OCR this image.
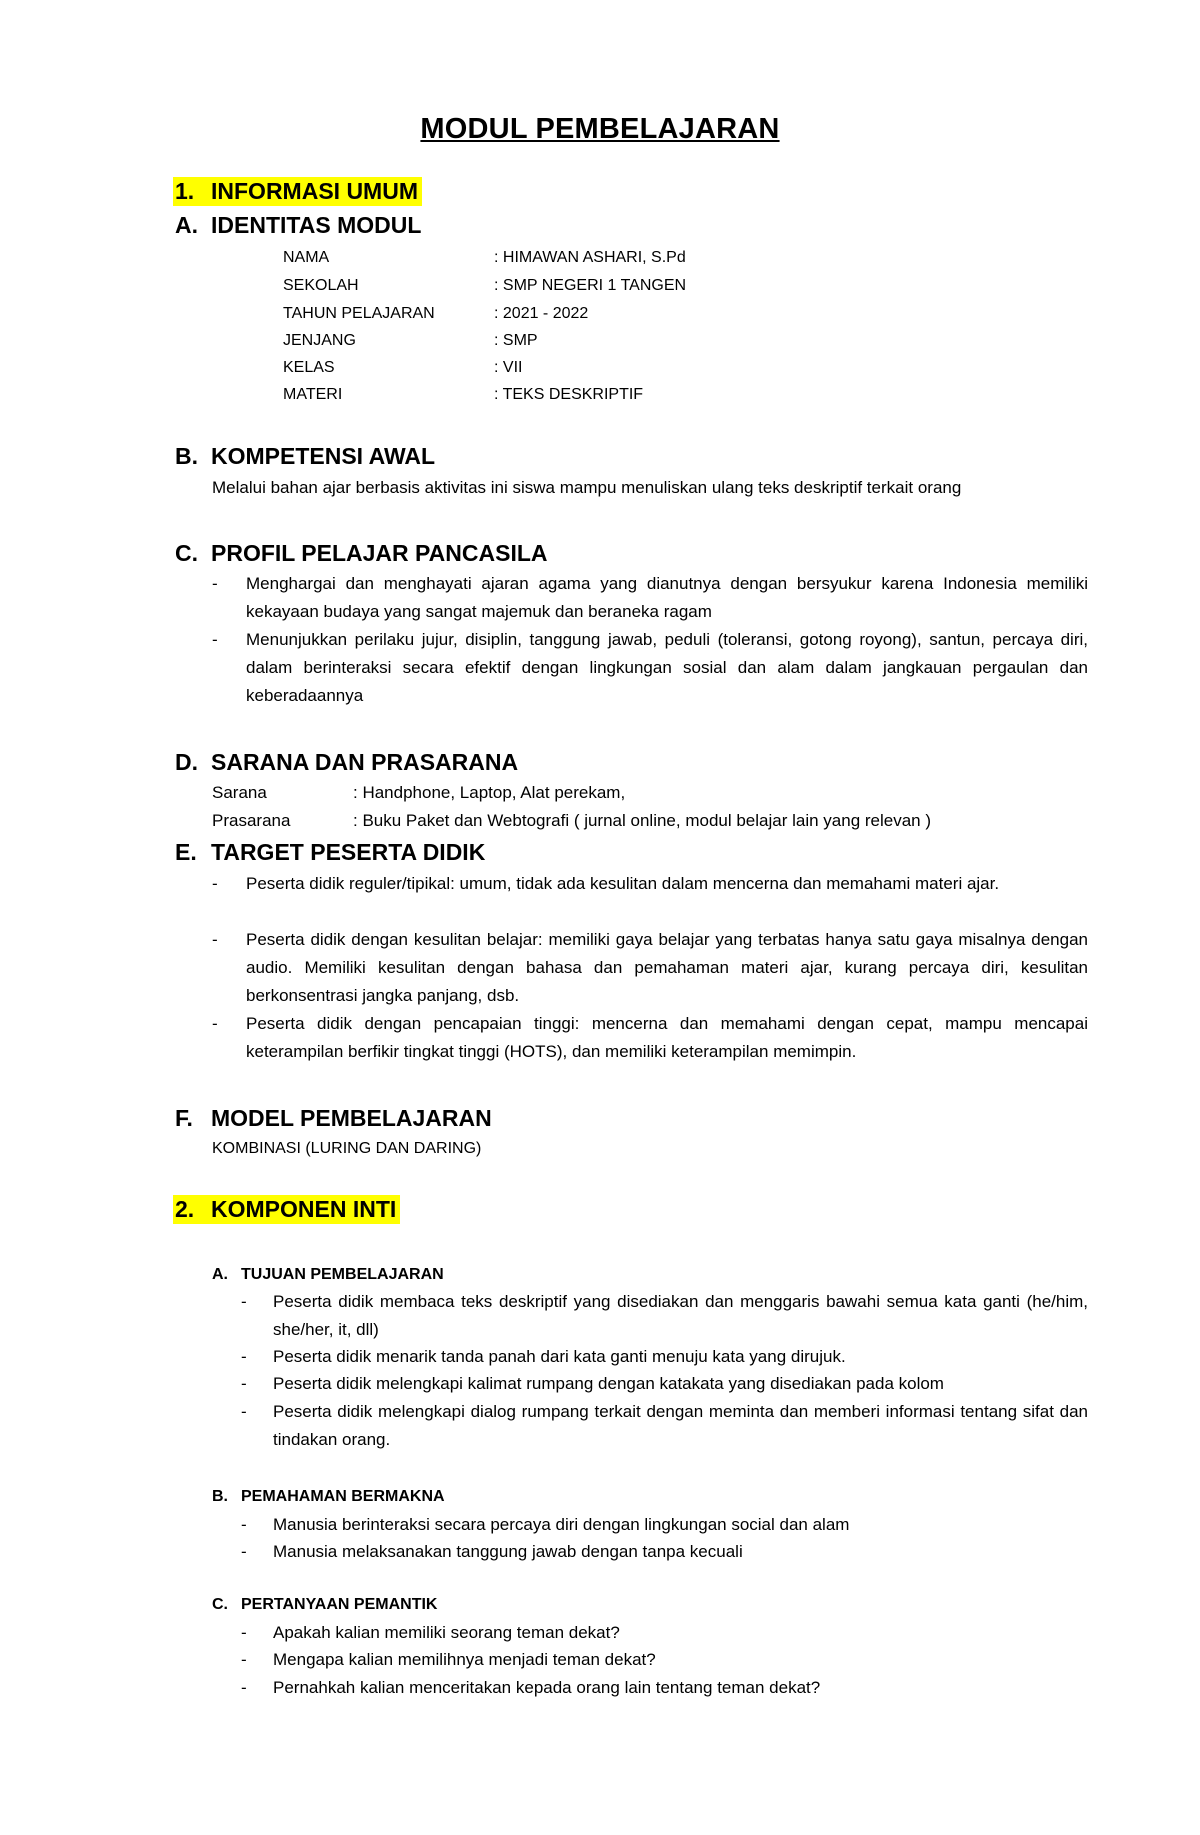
MODUL PEMBELAJARAN
1. INFORMASI UMUM
A. IDENTITAS MODUL
NAMA	: HIMAWAN ASHARI, S.Pd
SEKOLAH	: SMP NEGERI 1 TANGEN
TAHUN PELAJARAN	: 2021 - 2022
JENJANG	: SMP
KELAS	: VII
MATERI	: TEKS DESKRIPTIF
B. KOMPETENSI AWAL
Melalui bahan ajar berbasis aktivitas ini siswa mampu menuliskan ulang teks deskriptif terkait orang
C. PROFIL PELAJAR PANCASILA
- Menghargai dan menghayati ajaran agama yang dianutnya dengan bersyukur karena Indonesia memiliki kekayaan budaya yang sangat majemuk dan beraneka ragam
- Menunjukkan perilaku jujur, disiplin, tanggung jawab, peduli (toleransi, gotong royong), santun, percaya diri, dalam berinteraksi secara efektif dengan lingkungan sosial dan alam dalam jangkauan pergaulan dan keberadaannya
D. SARANA DAN PRASARANA
Sarana	: Handphone, Laptop, Alat perekam,
Prasarana	: Buku Paket dan Webtografi ( jurnal online, modul belajar lain yang relevan )
E. TARGET PESERTA DIDIK
- Peserta didik reguler/tipikal: umum, tidak ada kesulitan dalam mencerna dan memahami materi ajar.
- Peserta didik dengan kesulitan belajar: memiliki gaya belajar yang terbatas hanya satu gaya misalnya dengan audio. Memiliki kesulitan dengan bahasa dan pemahaman materi ajar, kurang percaya diri, kesulitan berkonsentrasi jangka panjang, dsb.
- Peserta didik dengan pencapaian tinggi: mencerna dan memahami dengan cepat, mampu mencapai keterampilan berfikir tingkat tinggi (HOTS), dan memiliki keterampilan memimpin.
F. MODEL PEMBELAJARAN
KOMBINASI (LURING DAN DARING)
2. KOMPONEN INTI
A. TUJUAN PEMBELAJARAN
- Peserta didik membaca teks deskriptif yang disediakan dan menggaris bawahi semua kata ganti (he/him, she/her, it, dll)
- Peserta didik menarik tanda panah dari kata ganti menuju kata yang dirujuk.
- Peserta didik melengkapi kalimat rumpang dengan katakata yang disediakan pada kolom
- Peserta didik melengkapi dialog rumpang terkait dengan meminta dan memberi informasi tentang sifat dan tindakan orang.
B. PEMAHAMAN BERMAKNA
- Manusia berinteraksi secara percaya diri dengan lingkungan social dan alam
- Manusia melaksanakan tanggung jawab dengan tanpa kecuali
C. PERTANYAAN PEMANTIK
- Apakah kalian memiliki seorang teman dekat?
- Mengapa kalian memilihnya menjadi teman dekat?
- Pernahkah kalian menceritakan kepada orang lain tentang teman dekat?
